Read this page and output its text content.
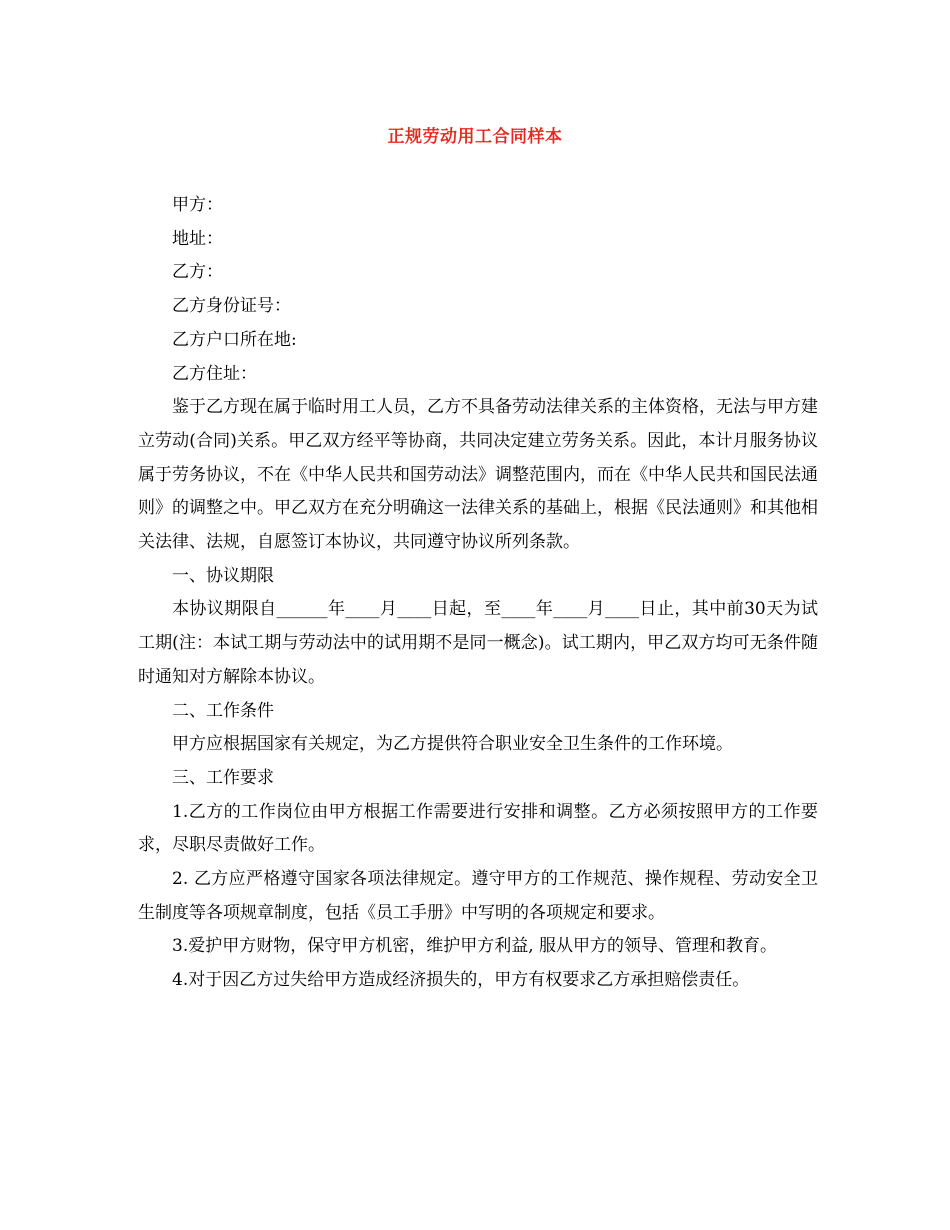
正规劳动用工合同样本

甲方：

地址：

乙方：

乙方身份证号：

乙方户口所在地:

乙方住址：

鉴于乙方现在属于临时用工人员，乙方不具备劳动法律关系的主体资格，无法与甲方建立劳动(合同)关系。甲乙双方经平等协商，共同决定建立劳务关系。因此，本计月服务协议属于劳务协议，不在《中华人民共和国劳动法》调整范围内，而在《中华人民共和国民法通则》的调整之中。甲乙双方在充分明确这一法律关系的基础上，根据《民法通则》和其他相关法律、法规，自愿签订本协议，共同遵守协议所列条款。

一、协议期限

本协议期限自______年____月____日起，至____年____月____日止，其中前30天为试工期(注：本试工期与劳动法中的试用期不是同一概念)。试工期内，甲乙双方均可无条件随时通知对方解除本协议。

二、工作条件

甲方应根据国家有关规定，为乙方提供符合职业安全卫生条件的工作环境。

三、工作要求

1.乙方的工作岗位由甲方根据工作需要进行安排和调整。乙方必须按照甲方的工作要求，尽职尽责做好工作。

2. 乙方应严格遵守国家各项法律规定。遵守甲方的工作规范、操作规程、劳动安全卫生制度等各项规章制度，包括《员工手册》中写明的各项规定和要求。

3.爱护甲方财物，保守甲方机密，维护甲方利益, 服从甲方的领导、管理和教育。

4.对于因乙方过失给甲方造成经济损失的，甲方有权要求乙方承担赔偿责任。
